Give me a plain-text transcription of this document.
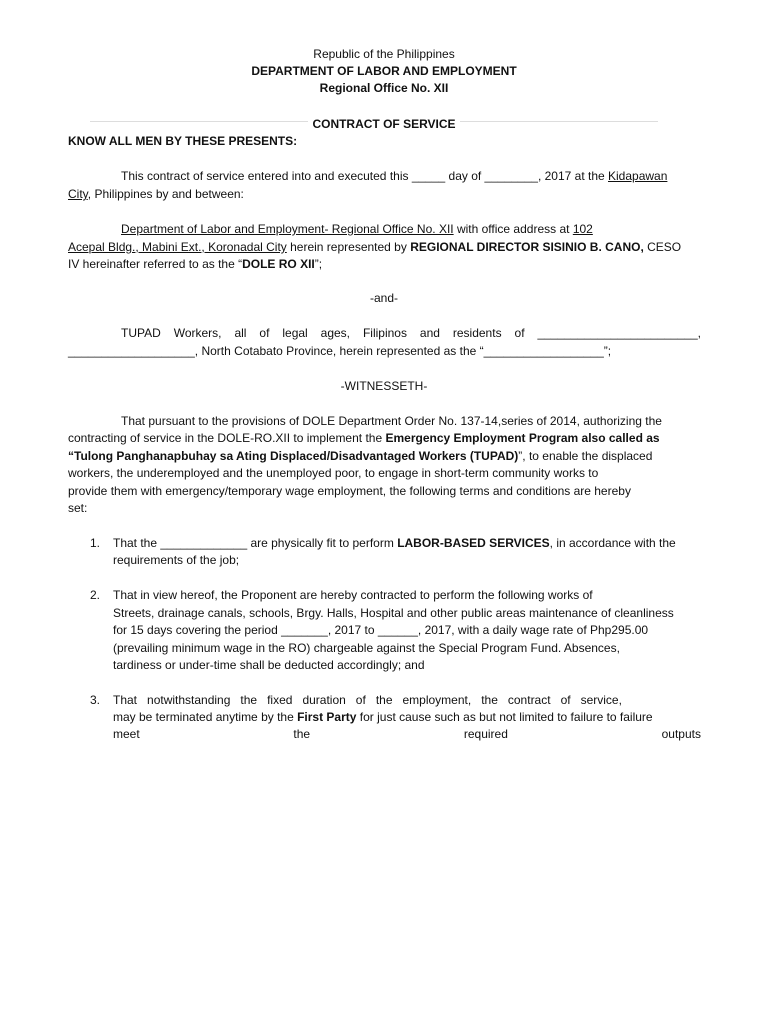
Republic of the Philippines
DEPARTMENT OF LABOR AND EMPLOYMENT
Regional Office No. XII
CONTRACT OF SERVICE
KNOW ALL MEN BY THESE PRESENTS:
This contract of service entered into and executed this _____ day of ________, 2017 at the Kidapawan
City, Philippines by and between:
Department of Labor and Employment- Regional Office No. XII with office address at 102
Acepal Bldg., Mabini Ext., Koronadal City herein represented by REGIONAL DIRECTOR SISINIO B. CANO, CESO
IV hereinafter referred to as the “DOLE RO XII”;
-and-
TUPAD Workers, all of legal ages, Filipinos and residents of ________________________,
___________________, North Cotabato Province, herein represented as the “__________________”;
-WITNESSETH-
That pursuant to the provisions of DOLE Department Order No. 137-14,series of 2014, authorizing the
contracting of service in the DOLE-RO.XII to implement the Emergency Employment Program also called as
“Tulong Panghanapbuhay sa Ating Displaced/Disadvantaged Workers (TUPAD)”, to enable the displaced
workers, the underemployed and the unemployed poor, to engage in short-term community works to
provide them with emergency/temporary wage employment, the following terms and conditions are hereby
set:
1.	That the _____________ are physically fit to perform LABOR-BASED SERVICES, in accordance with the
requirements of the job;
2.	That in view hereof, the Proponent are hereby contracted to perform the following works of
Streets, drainage canals, schools, Brgy. Halls, Hospital and other public areas maintenance of cleanliness
for 15 days covering the period _______, 2017 to ______, 2017, with a daily wage rate of Php295.00
(prevailing minimum wage in the RO) chargeable against the Special Program Fund. Absences,
tardiness or under-time shall be deducted accordingly; and
3.	That   notwithstanding   the   fixed   duration   of   the   employment,   the   contract   of   service,
may be terminated anytime by the First Party for just cause such as but not limited to failure to failure
meet	the	required	outputs
